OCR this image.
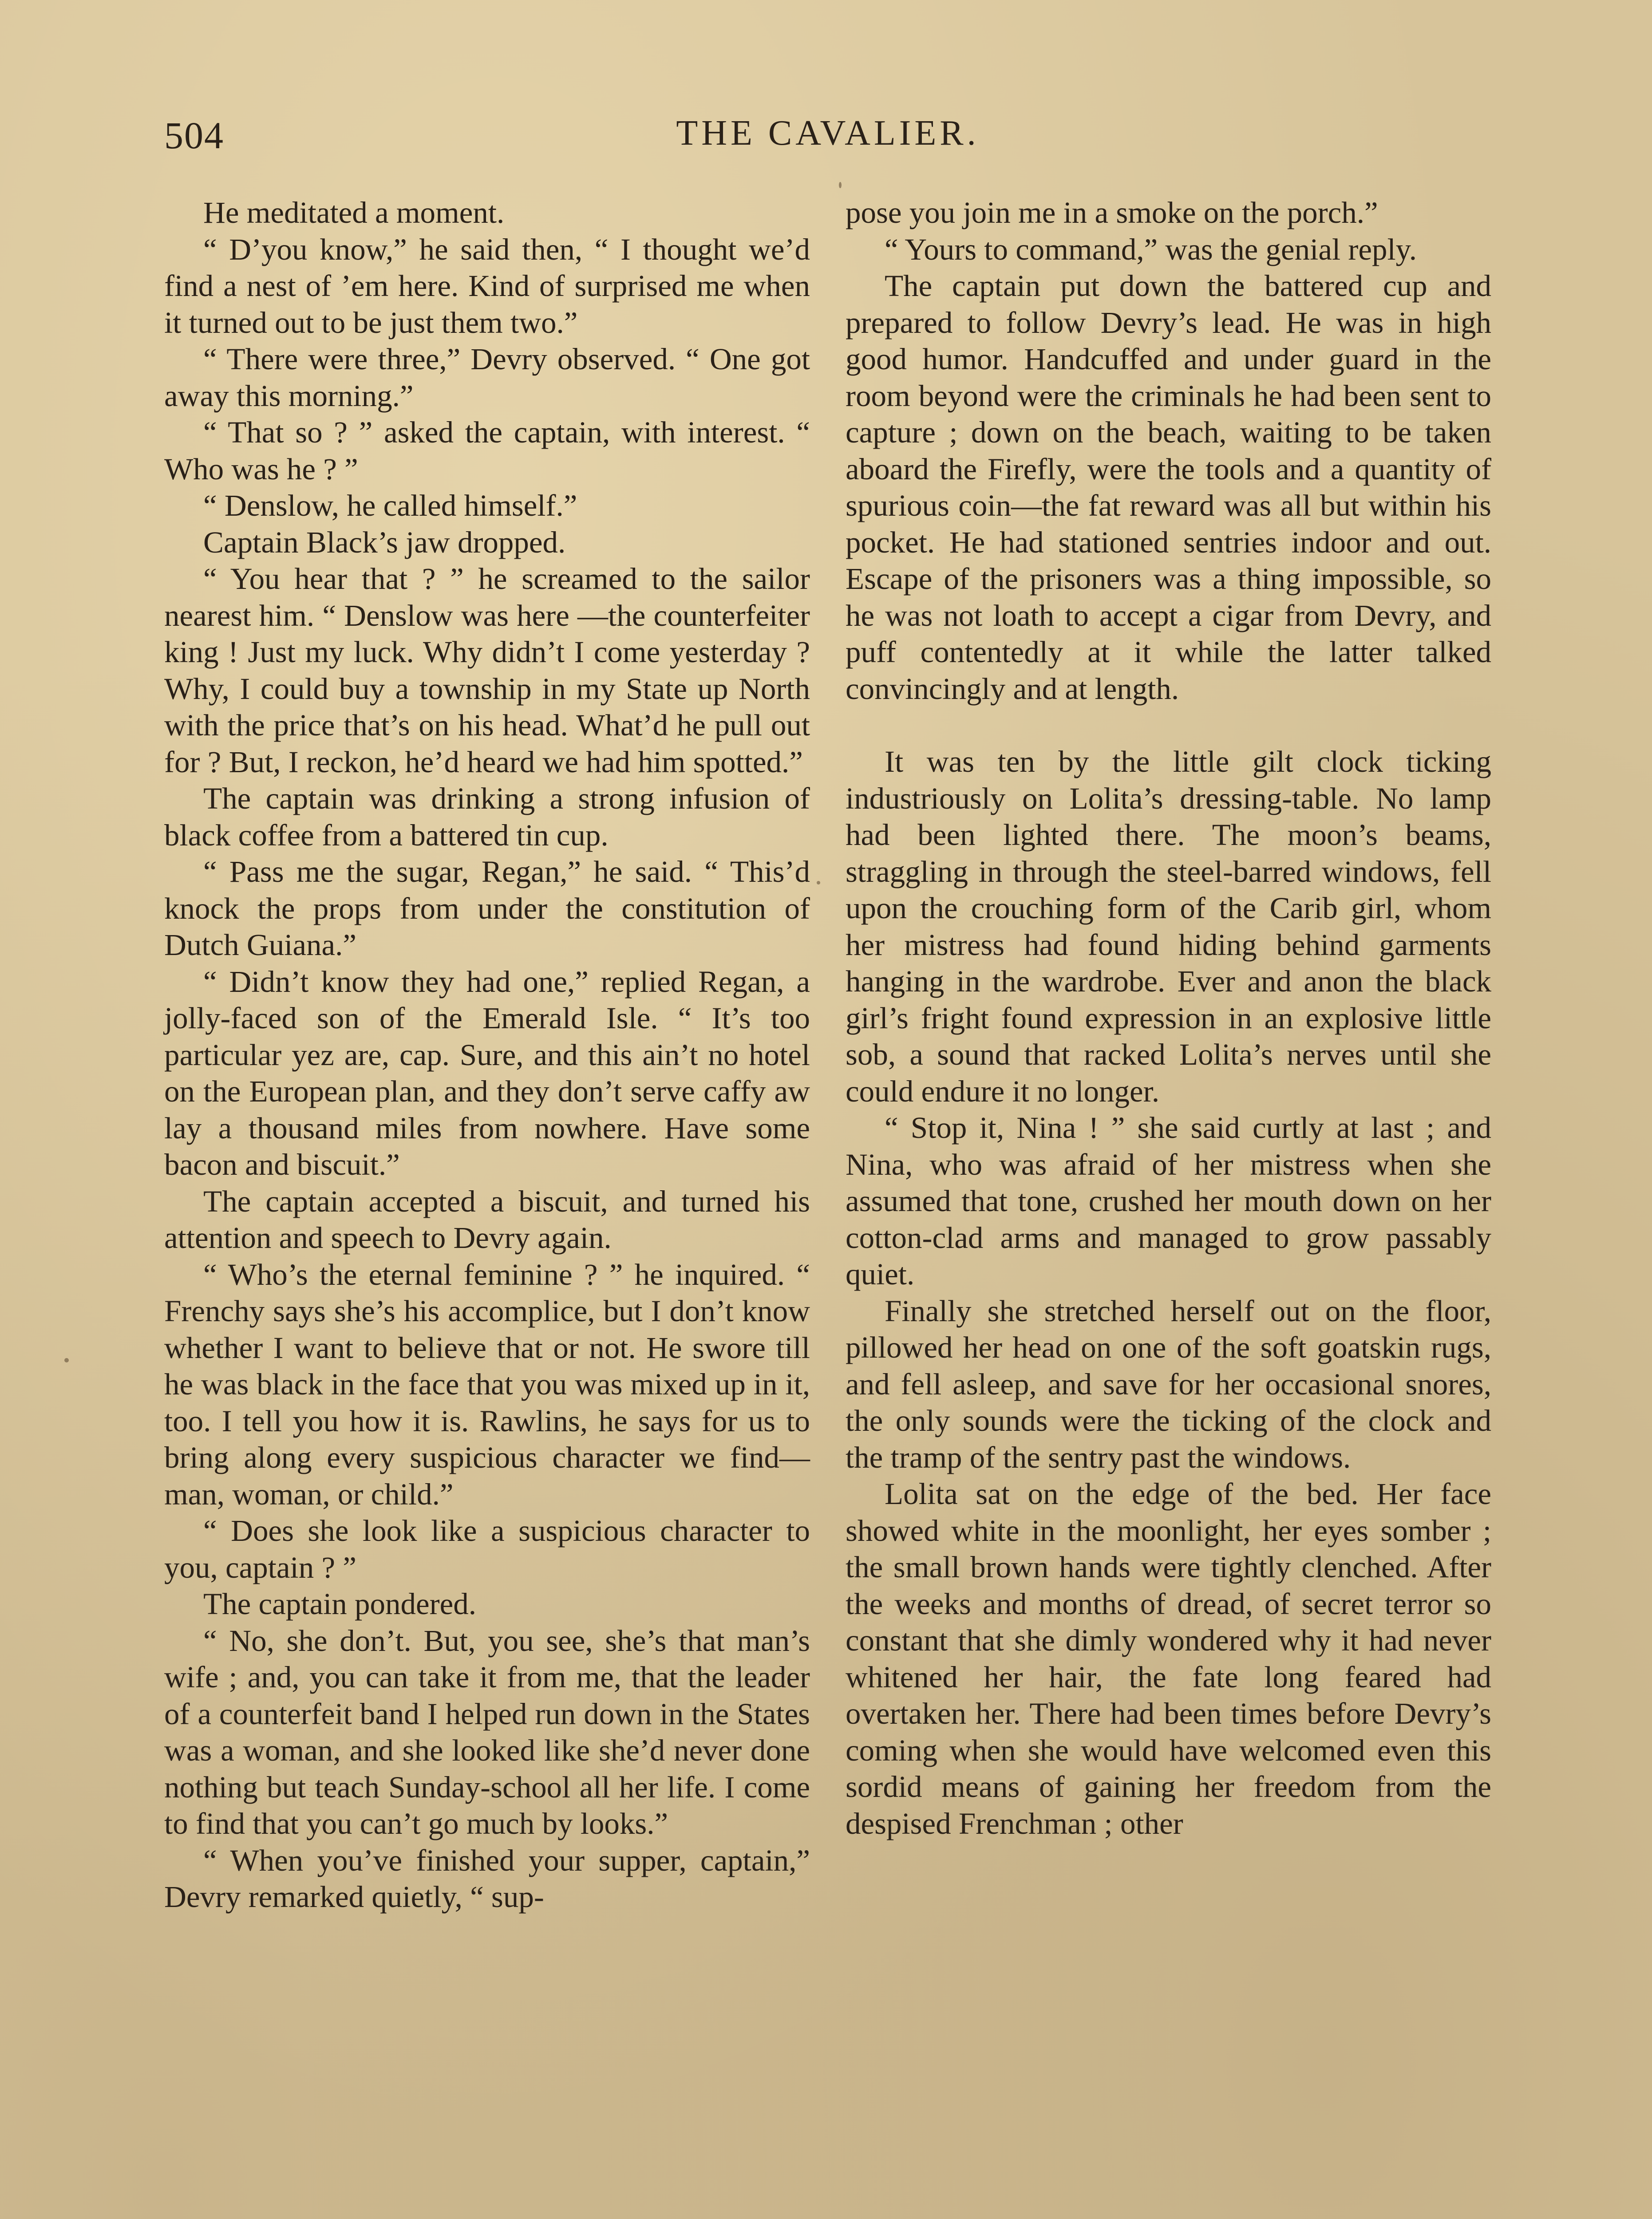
504	THE CAVALIER.

He meditated a moment.

“ D’you know,” he said then, “ I thought we’d find a nest of ’em here. Kind of surprised me when it turned out to be just them two.”

“ There were three,” Devry observed. “ One got away this morning.”

“ That so ? ” asked the captain, with interest. “ Who was he ? ”

“ Denslow, he called himself.”

Captain Black’s jaw dropped.

“ You hear that ? ” he screamed to the sailor nearest him. “ Denslow was here —the counterfeiter king ! Just my luck. Why didn’t I come yesterday ? Why, I could buy a township in my State up North with the price that’s on his head. What’d he pull out for ? But, I reckon, he’d heard we had him spotted.”

The captain was drinking a strong infusion of black coffee from a battered tin cup.

“ Pass me the sugar, Regan,” he said. “ This’d knock the props from under the constitution of Dutch Guiana.”

“ Didn’t know they had one,” replied Regan, a jolly-faced son of the Emerald Isle. “ It’s too particular yez are, cap. Sure, and this ain’t no hotel on the European plan, and they don’t serve caffy aw lay a thousand miles from nowhere. Have some bacon and biscuit.”

The captain accepted a biscuit, and turned his attention and speech to Devry again.

“ Who’s the eternal feminine ? ” he inquired. “ Frenchy says she’s his accomplice, but I don’t know whether I want to believe that or not. He swore till he was black in the face that you was mixed up in it, too. I tell you how it is. Rawlins, he says for us to bring along every suspicious character we find—man, woman, or child.”

“ Does she look like a suspicious character to you, captain ? ”

The captain pondered.

“ No, she don’t. But, you see, she’s that man’s wife ; and, you can take it from me, that the leader of a counterfeit band I helped run down in the States was a woman, and she looked like she’d never done nothing but teach Sunday-school all her life. I come to find that you can’t go much by looks.”

“ When you’ve finished your supper, captain,” Devry remarked quietly, “ sup-

pose you join me in a smoke on the porch.”

“ Yours to command,” was the genial reply.

The captain put down the battered cup and prepared to follow Devry’s lead. He was in high good humor. Handcuffed and under guard in the room beyond were the criminals he had been sent to capture ; down on the beach, waiting to be taken aboard the Firefly, were the tools and a quantity of spurious coin—the fat reward was all but within his pocket. He had stationed sentries indoor and out. Escape of the prisoners was a thing impossible, so he was not loath to accept a cigar from Devry, and puff contentedly at it while the latter talked convincingly and at length.

It was ten by the little gilt clock ticking industriously on Lolita’s dressing-table. No lamp had been lighted there. The moon’s beams, straggling in through the steel-barred windows, fell upon the crouching form of the Carib girl, whom her mistress had found hiding behind garments hanging in the wardrobe. Ever and anon the black girl’s fright found expression in an explosive little sob, a sound that racked Lolita’s nerves until she could endure it no longer.

“ Stop it, Nina ! ” she said curtly at last ; and Nina, who was afraid of her mistress when she assumed that tone, crushed her mouth down on her cotton-clad arms and managed to grow passably quiet.

Finally she stretched herself out on the floor, pillowed her head on one of the soft goatskin rugs, and fell asleep, and save for her occasional snores, the only sounds were the ticking of the clock and the tramp of the sentry past the windows.

Lolita sat on the edge of the bed. Her face showed white in the moonlight, her eyes somber ; the small brown hands were tightly clenched. After the weeks and months of dread, of secret terror so constant that she dimly wondered why it had never whitened her hair, the fate long feared had overtaken her. There had been times before Devry’s coming when she would have welcomed even this sordid means of gaining her freedom from the despised Frenchman ; other
